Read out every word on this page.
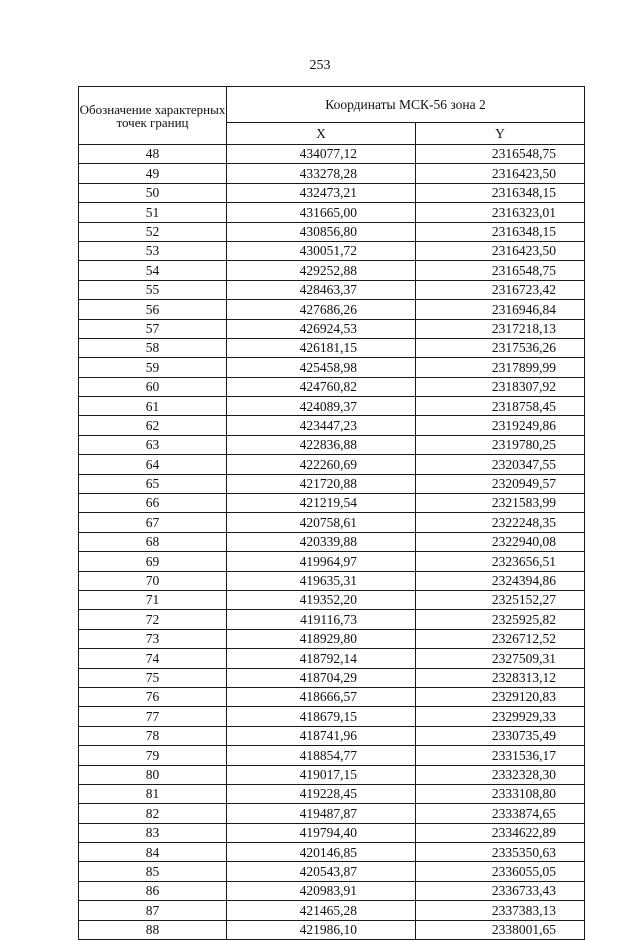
253
Обозначение характерных точек границ	Координаты МСК-56 зона 2	
	X	Y
48	434077,12	2316548,75
49	433278,28	2316423,50
50	432473,21	2316348,15
51	431665,00	2316323,01
52	430856,80	2316348,15
53	430051,72	2316423,50
54	429252,88	2316548,75
55	428463,37	2316723,42
56	427686,26	2316946,84
57	426924,53	2317218,13
58	426181,15	2317536,26
59	425458,98	2317899,99
60	424760,82	2318307,92
61	424089,37	2318758,45
62	423447,23	2319249,86
63	422836,88	2319780,25
64	422260,69	2320347,55
65	421720,88	2320949,57
66	421219,54	2321583,99
67	420758,61	2322248,35
68	420339,88	2322940,08
69	419964,97	2323656,51
70	419635,31	2324394,86
71	419352,20	2325152,27
72	419116,73	2325925,82
73	418929,80	2326712,52
74	418792,14	2327509,31
75	418704,29	2328313,12
76	418666,57	2329120,83
77	418679,15	2329929,33
78	418741,96	2330735,49
79	418854,77	2331536,17
80	419017,15	2332328,30
81	419228,45	2333108,80
82	419487,87	2333874,65
83	419794,40	2334622,89
84	420146,85	2335350,63
85	420543,87	2336055,05
86	420983,91	2336733,43
87	421465,28	2337383,13
88	421986,10	2338001,65
